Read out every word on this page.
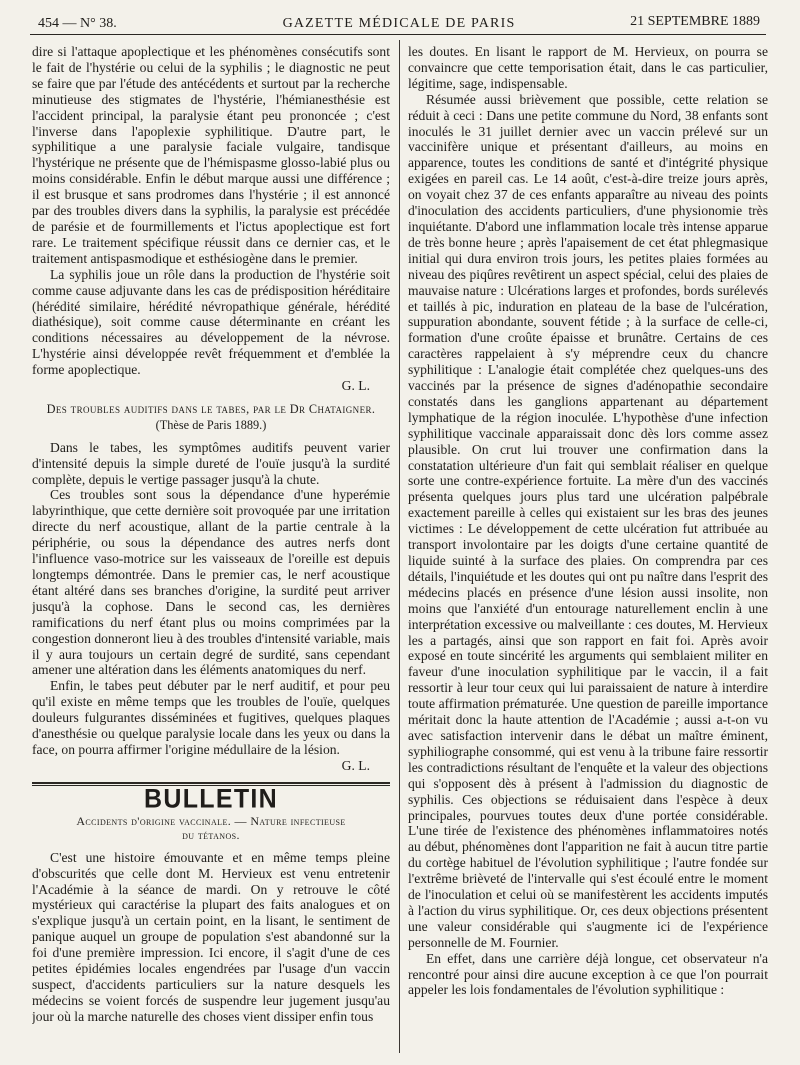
454 — N° 38.	GAZETTE MÉDICALE DE PARIS	21 SEPTEMBRE 1889

dire si l'attaque apoplectique et les phénomènes consécutifs sont le fait de l'hystérie ou celui de la syphilis ; le diagnostic ne peut se faire que par l'étude des antécédents et surtout par la recherche minutieuse des stigmates de l'hystérie, l'hémianesthésie est l'accident principal, la paralysie étant peu prononcée ; c'est l'inverse dans l'apoplexie syphilitique. D'autre part, le syphilitique a une paralysie faciale vulgaire, tandisque l'hystérique ne présente que de l'hémispasme glosso-labié plus ou moins considérable. Enfin le début marque aussi une différence ; il est brusque et sans prodromes dans l'hystérie ; il est annoncé par des troubles divers dans la syphilis, la paralysie est précédée de parésie et de fourmillements et l'ictus apoplectique est fort rare. Le traitement spécifique réussit dans ce dernier cas, et le traitement antispasmodique et esthésiogène dans le premier.

La syphilis joue un rôle dans la production de l'hystérie soit comme cause adjuvante dans les cas de prédisposition héréditaire (hérédité similaire, hérédité névropathique générale, hérédité diathésique), soit comme cause déterminante en créant les conditions nécessaires au développement de la névrose. L'hystérie ainsi développée revêt fréquemment et d'emblée la forme apoplectique.

G. L.

Des troubles auditifs dans le tabes, par le Dr Chataigner.
(Thèse de Paris 1889.)

Dans le tabes, les symptômes auditifs peuvent varier d'intensité depuis la simple dureté de l'ouïe jusqu'à la surdité complète, depuis le vertige passager jusqu'à la chute.

Ces troubles sont sous la dépendance d'une hyperémie labyrinthique, que cette dernière soit provoquée par une irritation directe du nerf acoustique, allant de la partie centrale à la périphérie, ou sous la dépendance des autres nerfs dont l'influence vaso-motrice sur les vaisseaux de l'oreille est depuis longtemps démontrée. Dans le premier cas, le nerf acoustique étant altéré dans ses branches d'origine, la surdité peut arriver jusqu'à la cophose. Dans le second cas, les dernières ramifications du nerf étant plus ou moins comprimées par la congestion donneront lieu à des troubles d'intensité variable, mais il y aura toujours un certain degré de surdité, sans cependant amener une altération dans les éléments anatomiques du nerf.

Enfin, le tabes peut débuter par le nerf auditif, et pour peu qu'il existe en même temps que les troubles de l'ouïe, quelques douleurs fulgurantes disséminées et fugitives, quelques plaques d'anesthésie ou quelque paralysie locale dans les yeux ou dans la face, on pourra affirmer l'origine médullaire de la lésion.

G. L.

BULLETIN
Accidents d'origine vaccinale. — Nature infectieuse
du tétanos.

C'est une histoire émouvante et en même temps pleine d'obscurités que celle dont M. Hervieux est venu entretenir l'Académie à la séance de mardi. On y retrouve le côté mystérieux qui caractérise la plupart des faits analogues et on s'explique jusqu'à un certain point, en la lisant, le sentiment de panique auquel un groupe de population s'est abandonné sur la foi d'une première impression. Ici encore, il s'agit d'une de ces petites épidémies locales engendrées par l'usage d'un vaccin suspect, d'accidents particuliers sur la nature desquels les médecins se voient forcés de suspendre leur jugement jusqu'au jour où la marche naturelle des choses vient dissiper enfin tous

les doutes. En lisant le rapport de M. Hervieux, on pourra se convaincre que cette temporisation était, dans le cas particulier, légitime, sage, indispensable.

Résumée aussi brièvement que possible, cette relation se réduit à ceci : Dans une petite commune du Nord, 38 enfants sont inoculés le 31 juillet dernier avec un vaccin prélevé sur un vaccinifère unique et présentant d'ailleurs, au moins en apparence, toutes les conditions de santé et d'intégrité physique exigées en pareil cas. Le 14 août, c'est-à-dire treize jours après, on voyait chez 37 de ces enfants apparaître au niveau des points d'inoculation des accidents particuliers, d'une physionomie très inquiétante. D'abord une inflammation locale très intense apparue de très bonne heure ; après l'apaisement de cet état phlegmasique initial qui dura environ trois jours, les petites plaies formées au niveau des piqûres revêtirent un aspect spécial, celui des plaies de mauvaise nature : Ulcérations larges et profondes, bords surélevés et taillés à pic, induration en plateau de la base de l'ulcération, suppuration abondante, souvent fétide ; à la surface de celle-ci, formation d'une croûte épaisse et brunâtre. Certains de ces caractères rappelaient à s'y méprendre ceux du chancre syphilitique : L'analogie était complétée chez quelques-uns des vaccinés par la présence de signes d'adénopathie secondaire constatés dans les ganglions appartenant au département lymphatique de la région inoculée. L'hypothèse d'une infection syphilitique vaccinale apparaissait donc dès lors comme assez plausible. On crut lui trouver une confirmation dans la constatation ultérieure d'un fait qui semblait réaliser en quelque sorte une contre-expérience fortuite. La mère d'un des vaccinés présenta quelques jours plus tard une ulcération palpébrale exactement pareille à celles qui existaient sur les bras des jeunes victimes : Le développement de cette ulcération fut attribuée au transport involontaire par les doigts d'une certaine quantité de liquide suinté à la surface des plaies. On comprendra par ces détails, l'inquiétude et les doutes qui ont pu naître dans l'esprit des médecins placés en présence d'une lésion aussi insolite, non moins que l'anxiété d'un entourage naturellement enclin à une interprétation excessive ou malveillante : ces doutes, M. Hervieux les a partagés, ainsi que son rapport en fait foi. Après avoir exposé en toute sincérité les arguments qui semblaient militer en faveur d'une inoculation syphilitique par le vaccin, il a fait ressortir à leur tour ceux qui lui paraissaient de nature à interdire toute affirmation prématurée. Une question de pareille importance méritait donc la haute attention de l'Académie ; aussi a-t-on vu avec satisfaction intervenir dans le débat un maître éminent, syphiliographe consommé, qui est venu à la tribune faire ressortir les contradictions résultant de l'enquête et la valeur des objections qui s'opposent dès à présent à l'admission du diagnostic de syphilis. Ces objections se réduisaient dans l'espèce à deux principales, pourvues toutes deux d'une portée considérable. L'une tirée de l'existence des phénomènes inflammatoires notés au début, phénomènes dont l'apparition ne fait à aucun titre partie du cortège habituel de l'évolution syphilitique ; l'autre fondée sur l'extrême brièveté de l'intervalle qui s'est écoulé entre le moment de l'inoculation et celui où se manifestèrent les accidents imputés à l'action du virus syphilitique. Or, ces deux objections présentent une valeur considérable qui s'augmente ici de l'expérience personnelle de M. Fournier.

En effet, dans une carrière déjà longue, cet observateur n'a rencontré pour ainsi dire aucune exception à ce que l'on pourrait appeler les lois fondamentales de l'évolution syphilitique :
